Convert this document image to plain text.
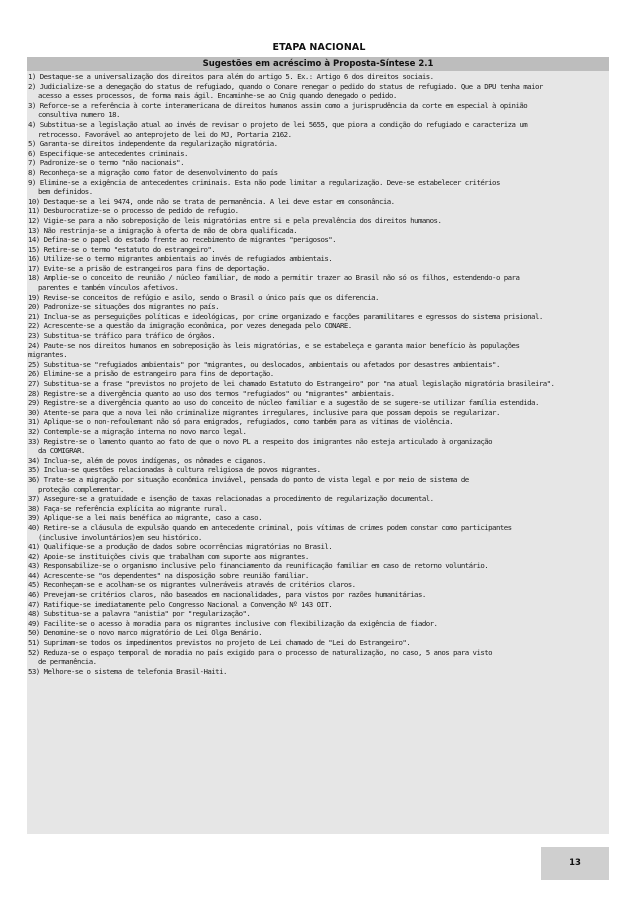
ETAPA NACIONAL
Sugestões em acréscimo à Proposta-Síntese 2.1
1) Destaque-se a universalização dos direitos para além do artigo 5. Ex.: Artigo 6 dos direitos sociais.
2) Judicialize-se a denegação do status de refugiado, quando o Conare renegar o pedido do status de refugiado. Que a DPU tenha maior
acesso a esses processos, de forma mais ágil. Encaminhe-se ao Cnig quando denegado o pedido.
3) Reforce-se a referência à corte interamericana de direitos humanos assim como a jurisprudência da corte em especial à opinião
consultiva numero 18.
4) Substitua-se a legislação atual ao invés de revisar o projeto de lei 5655, que piora a condição do refugiado e caracteriza um
retrocesso. Favorável ao anteprojeto de lei do MJ, Portaria 2162.
5) Garanta-se direitos independente da regularização migratória.
6) Especifique-se antecedentes criminais.
7) Padronize-se o termo "não nacionais".
8) Reconheça-se a migração como fator de desenvolvimento do país
9) Elimine-se a exigência de antecedentes criminais. Esta não pode limitar a regularização. Deve-se estabelecer critérios
bem definidos.
10) Destaque-se a lei 9474, onde não se trata de permanência. A lei deve estar em consonância.
11) Desburocratize-se o processo de pedido de refugio.
12) Vigie-se para a não sobreposição de leis migratórias entre si e pela prevalência dos direitos humanos.
13) Não restrinja-se a imigração à oferta de mão de obra qualificada.
14) Defina-se o papel do estado frente ao recebimento de migrantes "perigosos".
15) Retire-se o termo "estatuto do estrangeiro".
16) Utilize-se o termo migrantes ambientais ao invés de refugiados ambientais.
17) Evite-se a prisão de estrangeiros para fins de deportação.
18) Amplie-se o conceito de reunião / núcleo familiar, de modo a permitir trazer ao Brasil não só os filhos, estendendo-o para
parentes e também vínculos afetivos.
19) Revise-se conceitos de refúgio e asilo, sendo o Brasil o único país que os diferencia.
20) Padronize-se situações dos migrantes no país.
21) Inclua-se as perseguições políticas e ideológicas, por crime organizado e facções paramilitares e egressos do sistema prisional.
22) Acrescente-se a questão da imigração econômica, por vezes denegada pelo CONARE.
23) Substitua-se tráfico para tráfico de órgãos.
24) Paute-se nos direitos humanos em sobreposição às leis migratórias, e se estabeleça e garanta maior benefício às populações
migrantes.
25) Substitua-se "refugiados ambientais" por "migrantes, ou deslocados, ambientais ou afetados por desastres ambientais".
26) Elimine-se a prisão de estrangeiro para fins de deportação.
27) Substitua-se a frase "previstos no projeto de lei chamado Estatuto do Estrangeiro" por "na atual legislação migratória brasileira".
28) Registre-se a divergência quanto ao uso dos termos "refugiados" ou "migrantes" ambientais.
29) Registre-se a divergência quanto ao uso do conceito de núcleo familiar e a sugestão de se sugere-se utilizar família estendida.
30) Atente-se para que a nova lei não criminalize migrantes irregulares, inclusive para que possam depois se regularizar.
31) Aplique-se o non-refoulemant não só para emigrados, refugiados, como também para as vítimas de violência.
32) Contemple-se a migração interna no novo marco legal.
33) Registre-se o lamento quanto ao fato de que o novo PL a respeito dos imigrantes não esteja articulado à organização
da COMIGRAR.
34) Inclua-se, além de povos indígenas, os nômades e ciganos.
35) Inclua-se questões relacionadas à cultura religiosa de povos migrantes.
36) Trate-se a migração por situação econômica inviável, pensada do ponto de vista legal e por meio de sistema de
proteção complementar.
37) Assegure-se a gratuidade e isenção de taxas relacionadas a procedimento de regularização documental.
38) Faça-se referência explícita ao migrante rural.
39) Aplique-se a lei mais benéfica ao migrante, caso a caso.
40) Retire-se a cláusula de expulsão quando em antecedente criminal, pois vítimas de crimes podem constar como participantes
(inclusive involuntários)em seu histórico.
41) Qualifique-se a produção de dados sobre ocorrências migratórias no Brasil.
42) Apoie-se instituições civis que trabalham com suporte aos migrantes.
43) Responsabilize-se o organismo inclusive pelo financiamento da reunificação familiar em caso de retorno voluntário.
44) Acrescente-se "os dependentes" na disposição sobre reunião familiar.
45) Reconheçam-se e acolham-se os migrantes vulneráveis através de critérios claros.
46) Prevejam-se critérios claros, não baseados em nacionalidades, para vistos por razões humanitárias.
47) Ratifique-se imediatamente pelo Congresso Nacional a Convenção Nº 143 OIT.
48) Substitua-se a palavra "anistia" por "regularização".
49) Facilite-se o acesso à moradia para os migrantes inclusive com flexibilização da exigência de fiador.
50) Denomine-se o novo marco migratório de Lei Olga Benário.
51) Suprimam-se todos os impedimentos previstos no projeto de Lei chamado de "Lei do Estrangeiro".
52) Reduza-se o espaço temporal de moradia no país exigido para o processo de naturalização, no caso, 5 anos para visto
de permanência.
53) Melhore-se o sistema de telefonia Brasil-Haiti.
13
